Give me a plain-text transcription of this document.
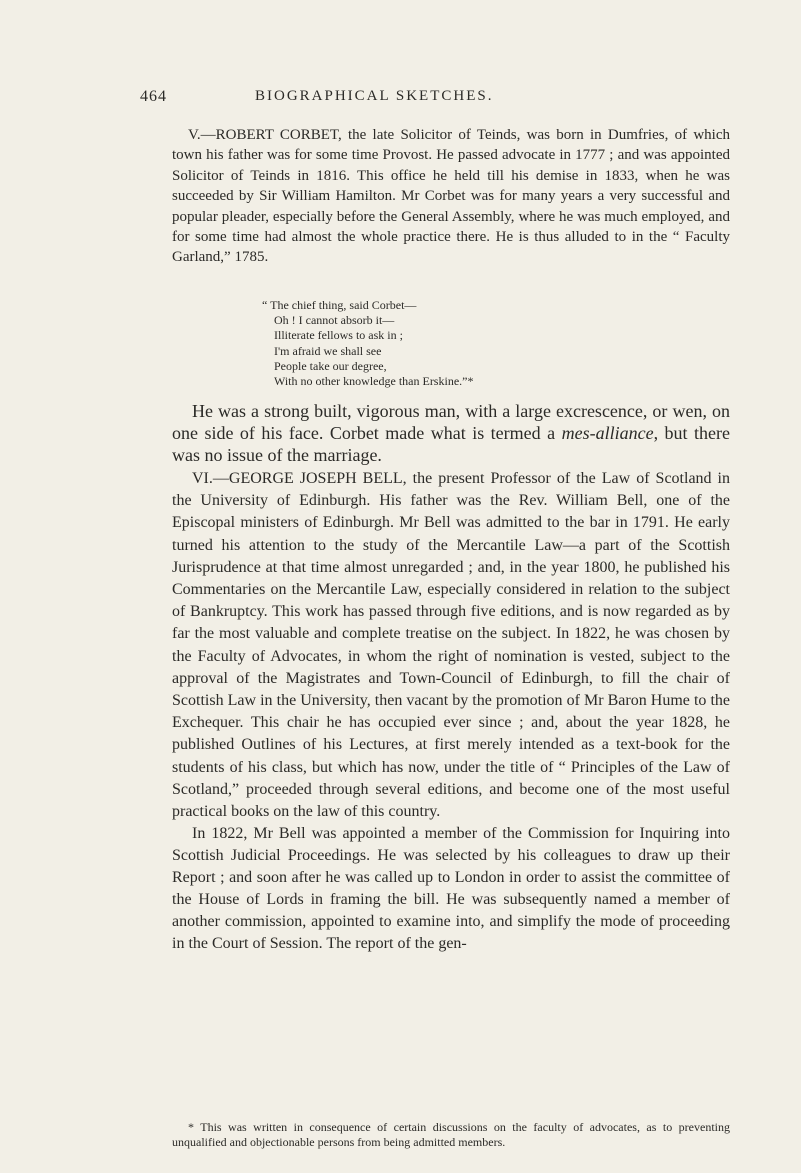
464	BIOGRAPHICAL SKETCHES.

V.—ROBERT CORBET, the late Solicitor of Teinds, was born in Dumfries, of which town his father was for some time Provost. He passed advocate in 1777 ; and was appointed Solicitor of Teinds in 1816. This office he held till his demise in 1833, when he was succeeded by Sir William Hamilton. Mr Corbet was for many years a very successful and popular pleader, especially before the General Assembly, where he was much employed, and for some time had almost the whole practice there. He is thus alluded to in the “ Faculty Garland,” 1785.

“ The chief thing, said Corbet—
Oh ! I cannot absorb it—
Illiterate fellows to ask in ;
I'm afraid we shall see
People take our degree,
With no other knowledge than Erskine.”*

He was a strong built, vigorous man, with a large excrescence, or wen, on one side of his face. Corbet made what is termed a mes-alliance, but there was no issue of the marriage.

VI.—GEORGE JOSEPH BELL, the present Professor of the Law of Scotland in the University of Edinburgh. His father was the Rev. William Bell, one of the Episcopal ministers of Edinburgh. Mr Bell was admitted to the bar in 1791. He early turned his attention to the study of the Mercantile Law—a part of the Scottish Jurisprudence at that time almost unregarded ; and, in the year 1800, he published his Commentaries on the Mercantile Law, especially considered in relation to the subject of Bankruptcy. This work has passed through five editions, and is now regarded as by far the most valuable and complete treatise on the subject. In 1822, he was chosen by the Faculty of Advocates, in whom the right of nomination is vested, subject to the approval of the Magistrates and Town-Council of Edinburgh, to fill the chair of Scottish Law in the University, then vacant by the promotion of Mr Baron Hume to the Exchequer. This chair he has occupied ever since ; and, about the year 1828, he published Outlines of his Lectures, at first merely intended as a text-book for the students of his class, but which has now, under the title of “ Principles of the Law of Scotland,” proceeded through several editions, and become one of the most useful practical books on the law of this country.

In 1822, Mr Bell was appointed a member of the Commission for Inquiring into Scottish Judicial Proceedings. He was selected by his colleagues to draw up their Report ; and soon after he was called up to London in order to assist the committee of the House of Lords in framing the bill. He was subsequently named a member of another commission, appointed to examine into, and simplify the mode of proceeding in the Court of Session. The report of the gen-

* This was written in consequence of certain discussions on the faculty of advocates, as to preventing unqualified and objectionable persons from being admitted members.
